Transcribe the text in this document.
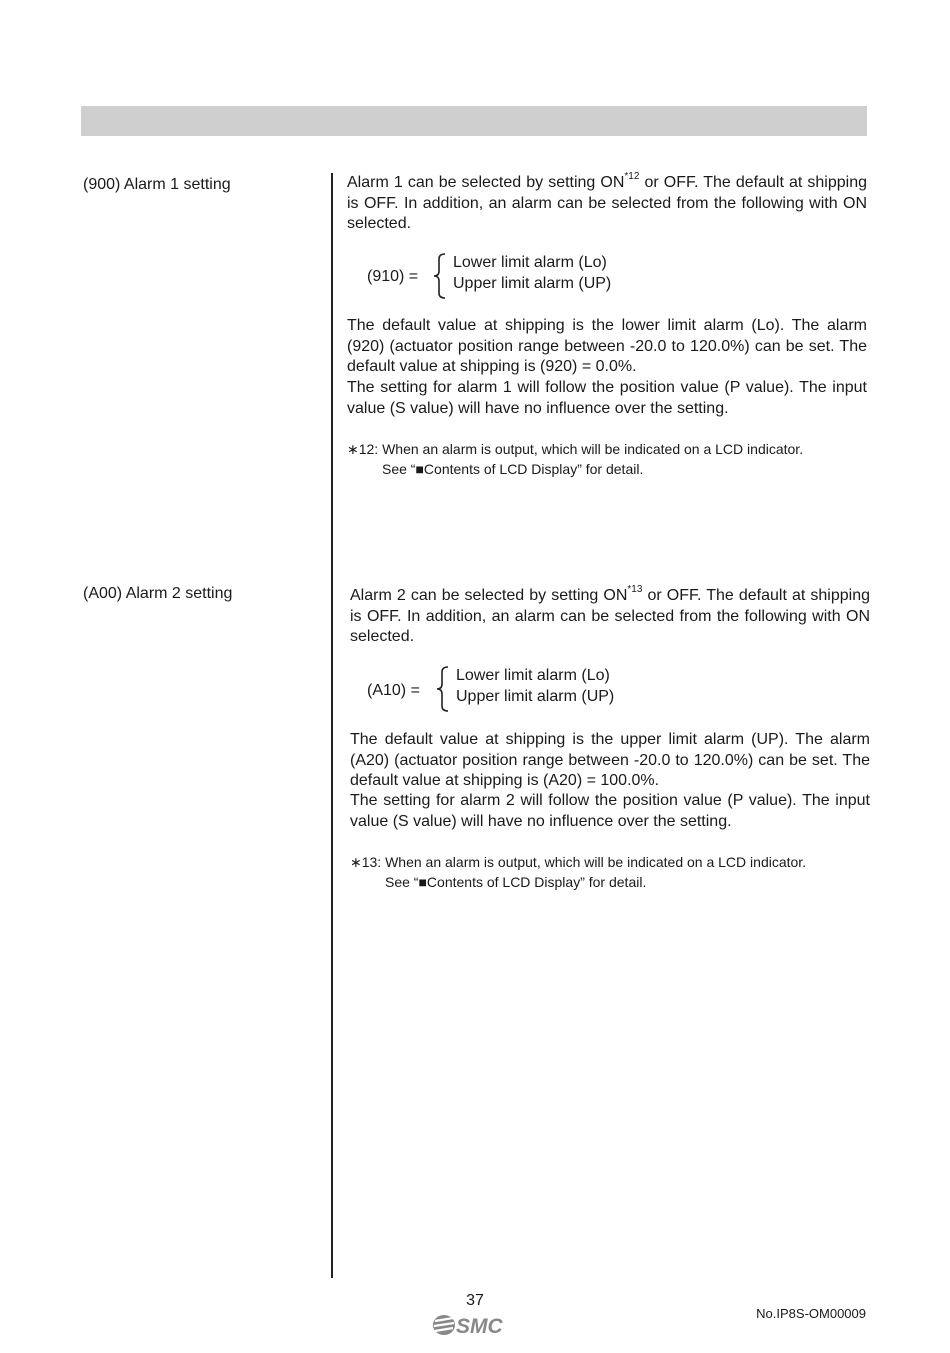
(900) Alarm 1 setting	Alarm 1 can be selected by setting ON$^{*12}$ or OFF. The default at shipping is OFF. In addition, an alarm can be selected from the following with ON selected.
(910) =
Lower limit alarm (Lo)
Upper limit alarm (UP)
The default value at shipping is the lower limit alarm (Lo). The alarm (920) (actuator position range between -20.0 to 120.0%) can be set. The default value at shipping is (920) = 0.0%.
The setting for alarm 1 will follow the position value (P value). The input value (S value) will have no influence over the setting.
∗12: When an alarm is output, which will be indicated on a LCD indicator.
See “■Contents of LCD Display” for detail.
(A00) Alarm 2 setting	Alarm 2 can be selected by setting ON$^{*13}$ or OFF. The default at shipping is OFF. In addition, an alarm can be selected from the following with ON selected.
(A10) =
Lower limit alarm (Lo)
Upper limit alarm (UP)
The default value at shipping is the upper limit alarm (UP). The alarm (A20) (actuator position range between -20.0 to 120.0%) can be set. The default value at shipping is (A20) = 100.0%.
The setting for alarm 2 will follow the position value (P value). The input value (S value) will have no influence over the setting.
∗13: When an alarm is output, which will be indicated on a LCD indicator.
See “■Contents of LCD Display” for detail.
37
SMC
No.IP8S-OM00009
